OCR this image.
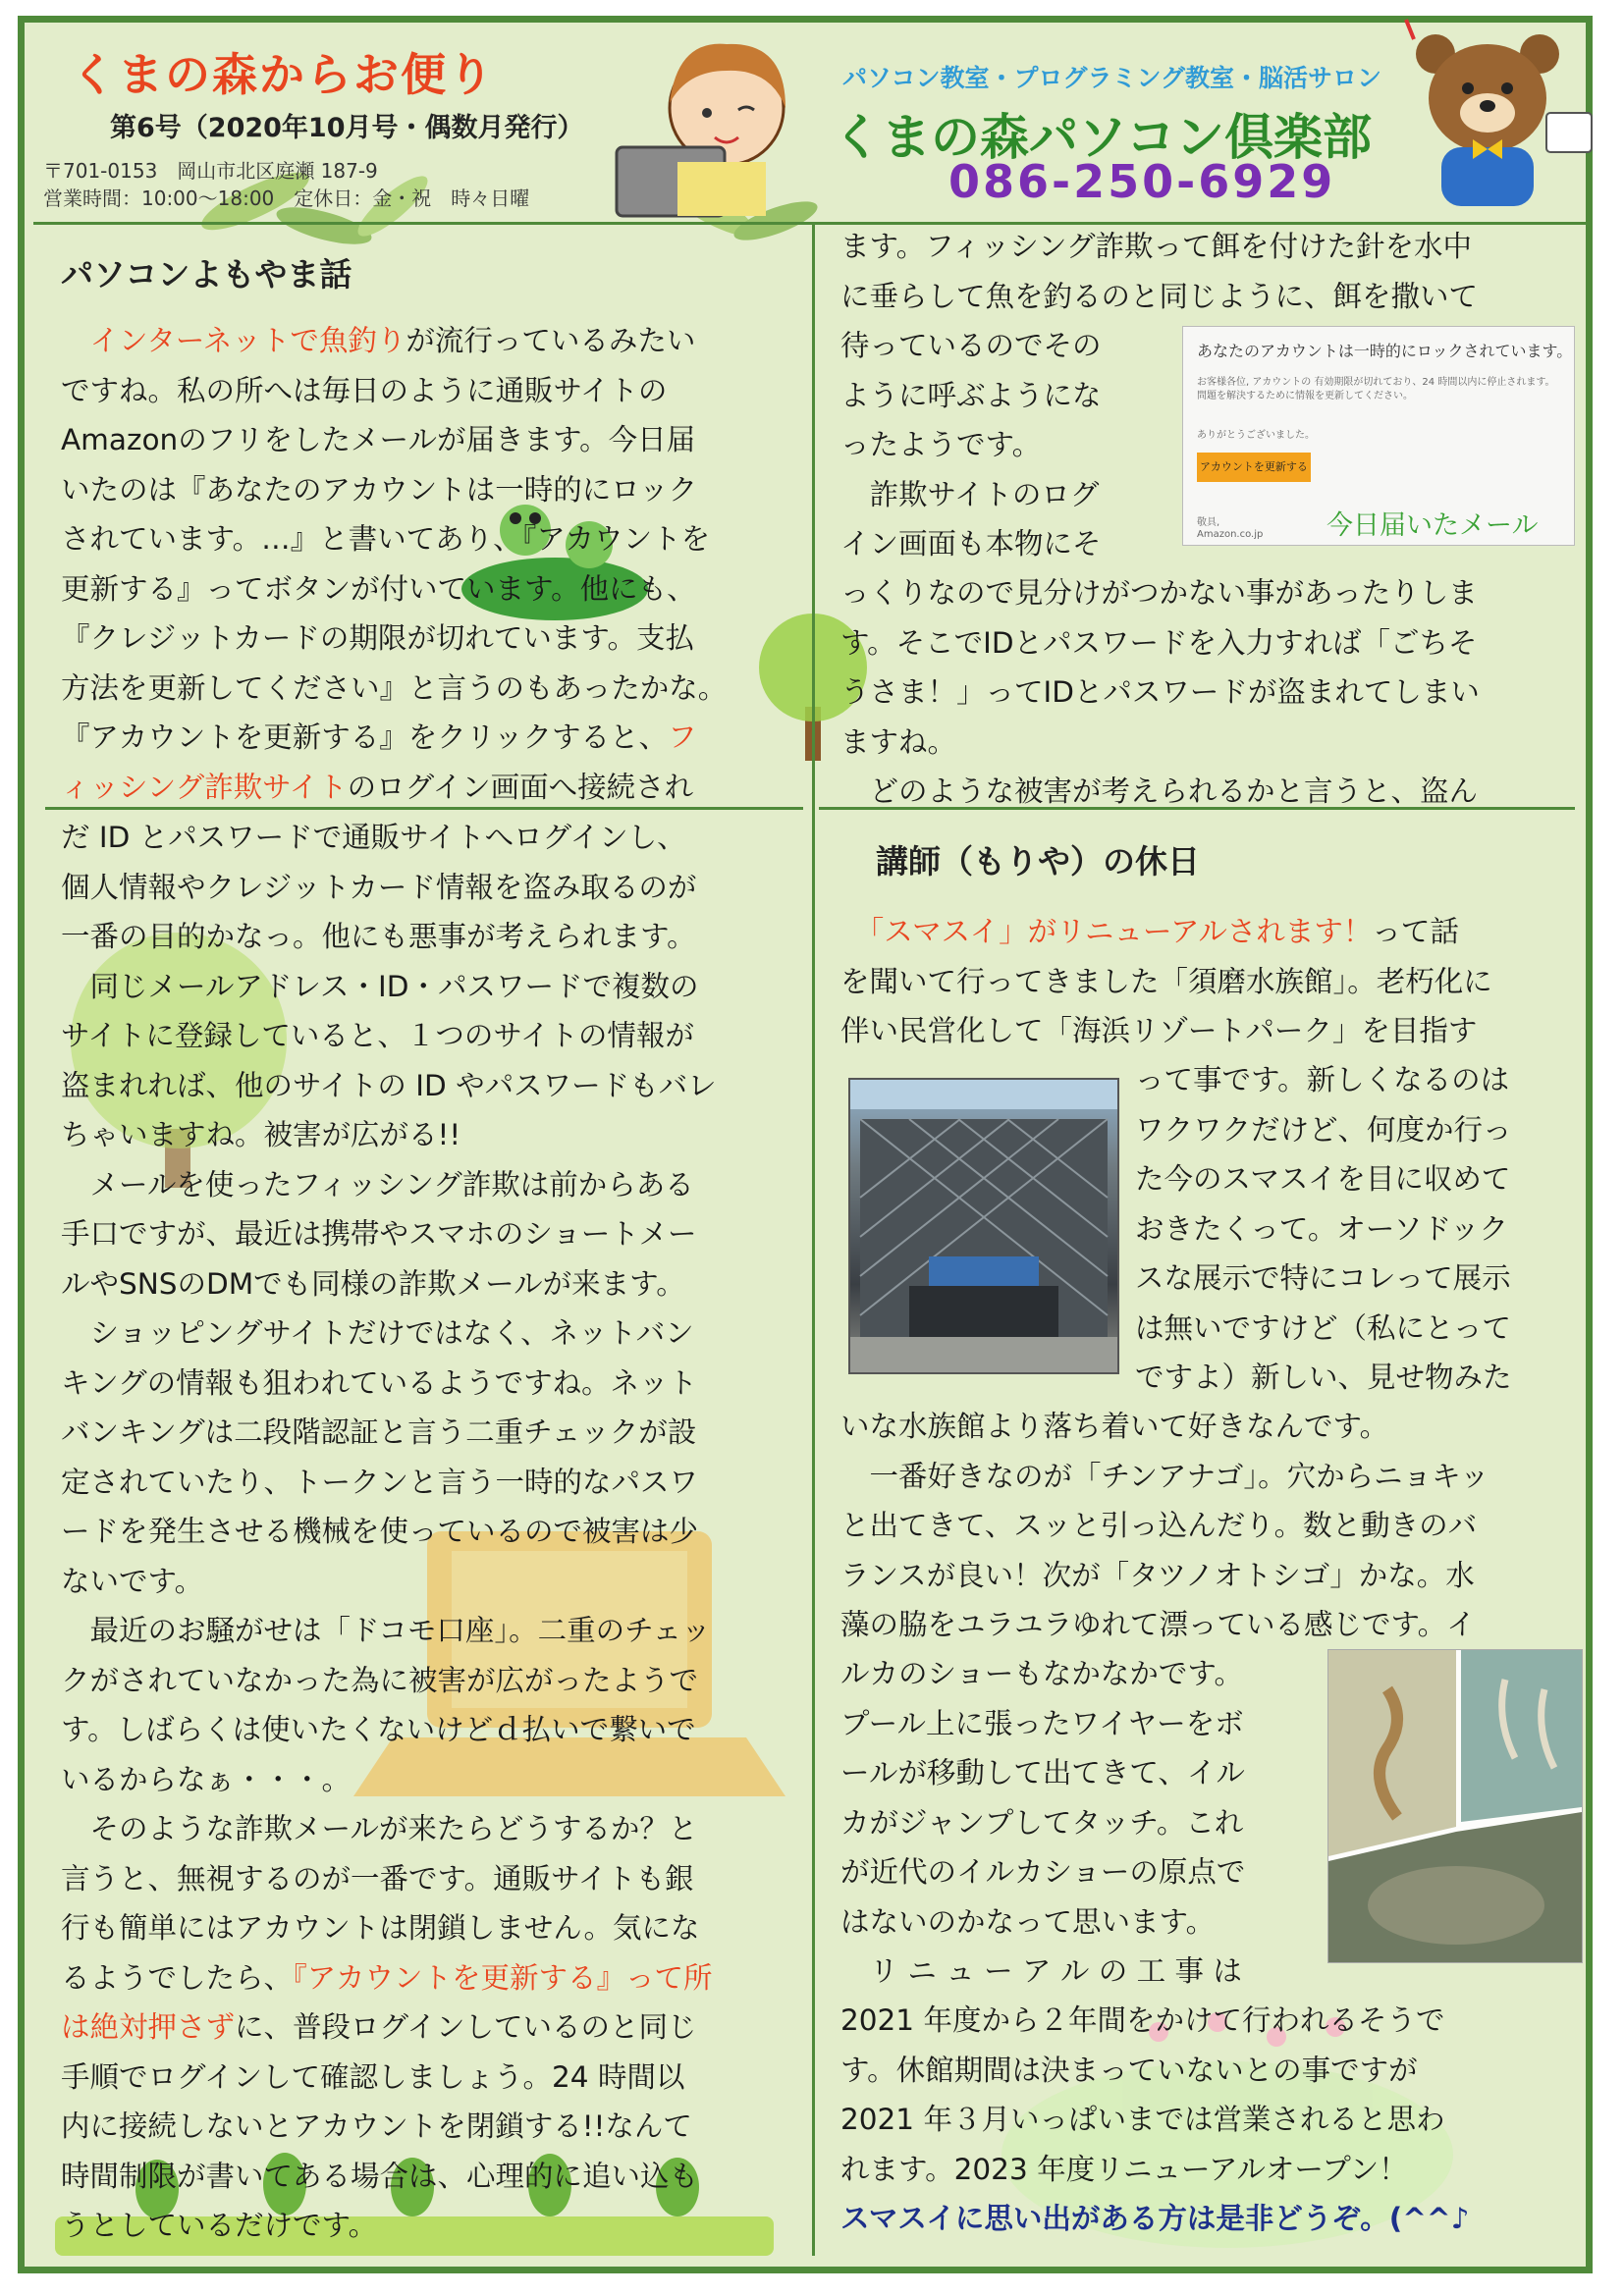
くまの森からお便り
第6号（2020年10月号・偶数月発行）
〒701-0153　岡山市北区庭瀬 187-9
営業時間：10:00～18:00　定休日：金・祝　時々日曜
パソコン教室・プログラミング教室・脳活サロン
くまの森パソコン倶楽部
086-250-6929
パソコンよもやま話

　インターネットで魚釣りが流行っているみたい

ですね。私の所へは毎日のように通販サイトの

Amazonのフリをしたメールが届きます。今日届

いたのは『あなたのアカウントは一時的にロック

されています。…』と書いてあり、『アカウントを

更新する』ってボタンが付いています。他にも、

『クレジットカードの期限が切れています。支払

方法を更新してください』と言うのもあったかな。

『アカウントを更新する』をクリックすると、フ

ィッシング詐欺サイトのログイン画面へ接続され

だ ID とパスワードで通販サイトへログインし、

個人情報やクレジットカード情報を盗み取るのが

一番の目的かなっ。他にも悪事が考えられます。

　同じメールアドレス・ID・パスワードで複数の

サイトに登録していると、１つのサイトの情報が

盗まれれば、他のサイトの ID やパスワードもバレ

ちゃいますね。被害が広がる!!

　メールを使ったフィッシング詐欺は前からある

手口ですが、最近は携帯やスマホのショートメー

ルやSNSのDMでも同様の詐欺メールが来ます。

　ショッピングサイトだけではなく、ネットバン

キングの情報も狙われているようですね。ネット

バンキングは二段階認証と言う二重チェックが設

定されていたり、トークンと言う一時的なパスワ

ードを発生させる機械を使っているので被害は少

ないです。

　最近のお騒がせは「ドコモ口座」。二重のチェッ

クがされていなかった為に被害が広がったようで

す。しばらくは使いたくないけどｄ払いで繋いで

いるからなぁ・・・。

　そのような詐欺メールが来たらどうするか？と

言うと、無視するのが一番です。通販サイトも銀

行も簡単にはアカウントは閉鎖しません。気にな

るようでしたら、『アカウントを更新する』って所

は絶対押さずに、普段ログインしているのと同じ

手順でログインして確認しましょう。24 時間以

内に接続しないとアカウントを閉鎖する!!なんて

時間制限が書いてある場合は、心理的に追い込も

うとしているだけです。

ます。フィッシング詐欺って餌を付けた針を水中

に垂らして魚を釣るのと同じように、餌を撒いて

待っているのでその

ように呼ぶようにな

ったようです。

　詐欺サイトのログ

イン画面も本物にそ

っくりなので見分けがつかない事があったりしま

す。そこでIDとパスワードを入力すれば「ごちそ

うさま！」ってIDとパスワードが盗まれてしまい

ますね。

　どのような被害が考えられるかと言うと、盗ん

あなたのアカウントは一時的にロックされています。
お客様各位, アカウントの 有効期限が切れており、24 時間以内に停止されます。問題を解決するために情報を更新してください。
ありがとうございました。
アカウントを更新する
敬具,
Amazon.co.jp 今日届いたメール
講師（もりや）の休日

　「スマスイ」がリニューアルされます！って話

を聞いて行ってきました「須磨水族館」。老朽化に

伴い民営化して「海浜リゾートパーク」を目指す

って事です。新しくなるのは

ワクワクだけど、何度か行っ

た今のスマスイを目に収めて

おきたくって。オーソドック

スな展示で特にコレって展示

は無いですけど（私にとって

ですよ）新しい、見せ物みた

いな水族館より落ち着いて好きなんです。

　一番好きなのが「チンアナゴ」。穴からニョキッ

と出てきて、スッと引っ込んだり。数と動きのバ

ランスが良い！次が「タツノオトシゴ」かな。水

藻の脇をユラユラゆれて漂っている感じです。イ

ルカのショーもなかなかです。

プール上に張ったワイヤーをボ

ールが移動して出てきて、イル

カがジャンプしてタッチ。これ

が近代のイルカショーの原点で

はないのかなって思います。

　リ ニ ュ ー ア ル の 工 事 は

2021 年度から２年間をかけて行われるそうで

す。休館期間は決まっていないとの事ですが

2021 年３月いっぱいまでは営業されると思わ

れます。2023 年度リニューアルオープン！

スマスイに思い出がある方は是非どうぞ。(^^♪
